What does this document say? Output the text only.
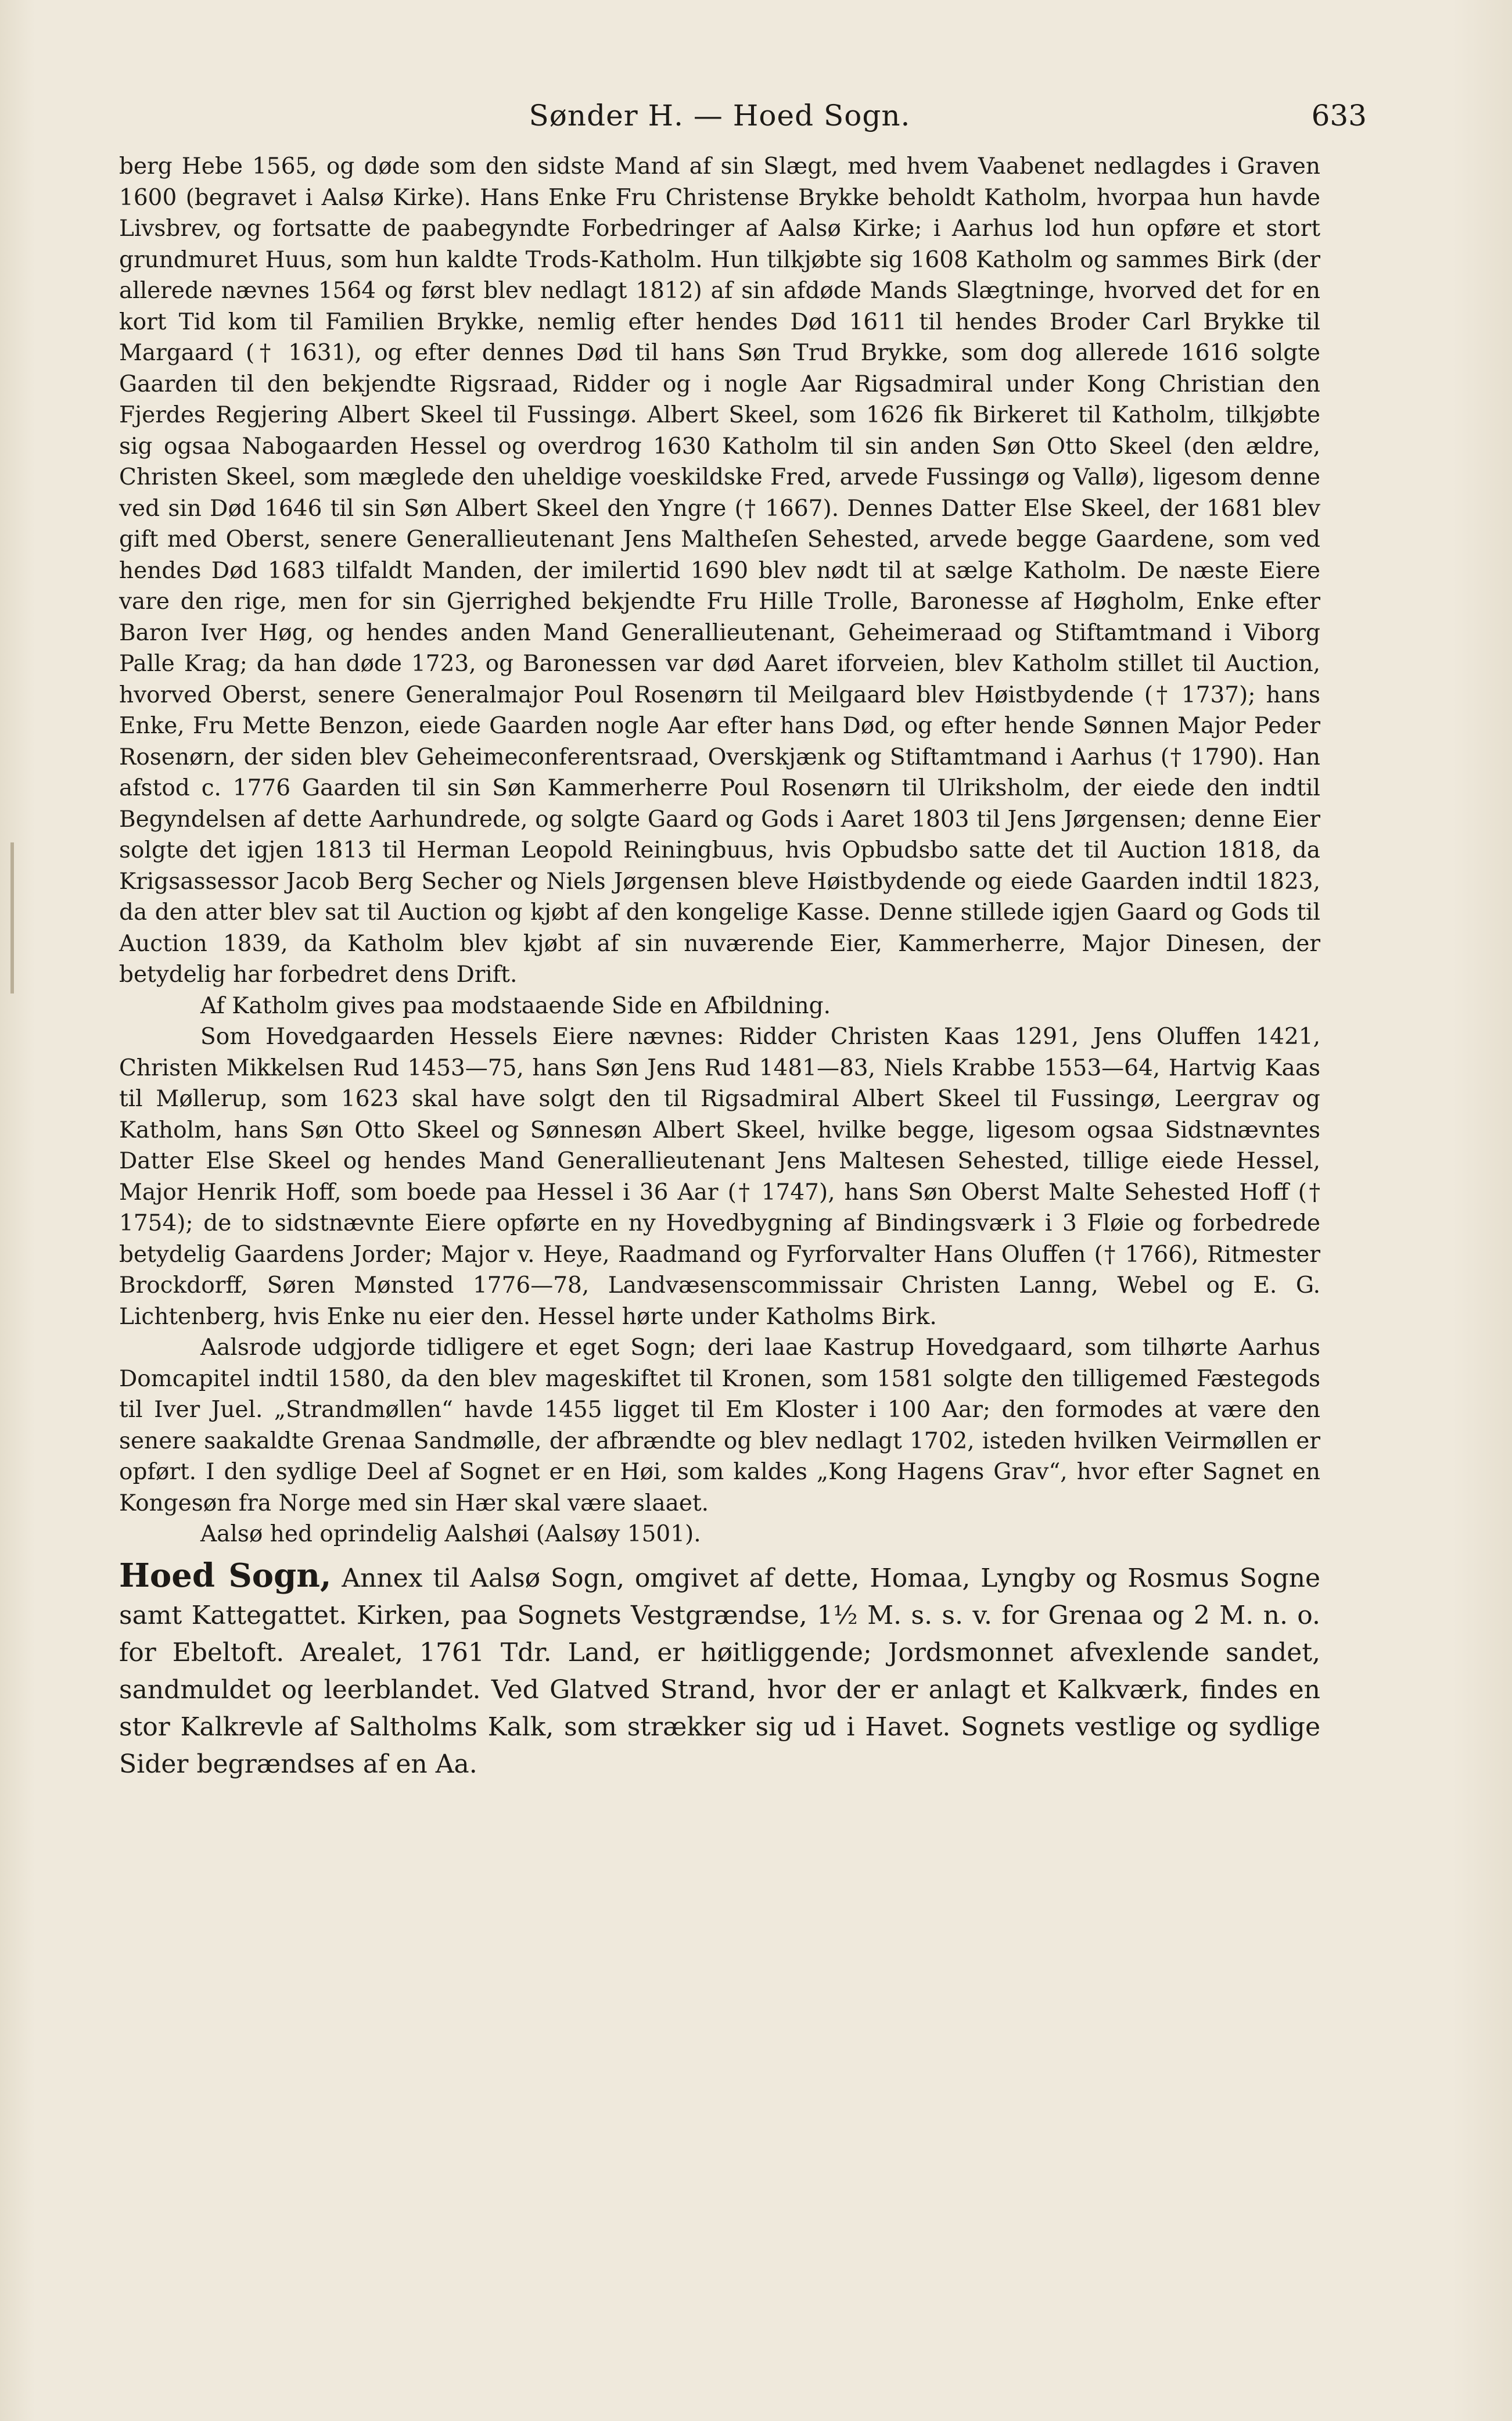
Sønder H. — Hoed Sogn.	633

berg Hebe 1565, og døde som den sidste Mand af sin Slægt, med hvem Vaabenet nedlagdes i Graven 1600 (begravet i Aalsø Kirke). Hans Enke Fru Christense Brykke beholdt Katholm, hvorpaa hun havde Livsbrev, og fortsatte de paabegyndte Forbedringer af Aalsø Kirke; i Aarhus lod hun opføre et stort grundmuret Huus, som hun kaldte Trods-Katholm. Hun tilkjøbte sig 1608 Katholm og sammes Birk (der allerede nævnes 1564 og først blev nedlagt 1812) af sin afdøde Mands Slægtninge, hvorved det for en kort Tid kom til Familien Brykke, nemlig efter hendes Død 1611 til hendes Broder Carl Brykke til Margaard († 1631), og efter dennes Død til hans Søn Trud Brykke, som dog allerede 1616 solgte Gaarden til den bekjendte Rigsraad, Ridder og i nogle Aar Rigsadmiral under Kong Christian den Fjerdes Regjering Albert Skeel til Fussingø. Albert Skeel, som 1626 fik Birkeret til Katholm, tilkjøbte sig ogsaa Nabogaarden Hessel og overdrog 1630 Katholm til sin anden Søn Otto Skeel (den ældre, Christen Skeel, som mæglede den uheldige voeskildske Fred, arvede Fussingø og Vallø), ligesom denne ved sin Død 1646 til sin Søn Albert Skeel den Yngre († 1667). Dennes Datter Else Skeel, der 1681 blev gift med Oberst, senere Generallieutenant Jens Maltheſen Sehested, arvede begge Gaardene, som ved hendes Død 1683 tilfaldt Manden, der imilertid 1690 blev nødt til at sælge Katholm. De næste Eiere vare den rige, men for sin Gjerrighed bekjendte Fru Hille Trolle, Baronesse af Høgholm, Enke efter Baron Iver Høg, og hendes anden Mand Generallieutenant, Geheimeraad og Stiftamtmand i Viborg Palle Krag; da han døde 1723, og Baronessen var død Aaret iforveien, blev Katholm stillet til Auction, hvorved Oberst, senere Generalmajor Poul Rosenørn til Meilgaard blev Høistbydende († 1737); hans Enke, Fru Mette Benzon, eiede Gaarden nogle Aar efter hans Død, og efter hende Sønnen Major Peder Rosenørn, der siden blev Geheimeconferentsraad, Overskjænk og Stiftamtmand i Aarhus († 1790). Han afstod c. 1776 Gaarden til sin Søn Kammerherre Poul Rosenørn til Ulriksholm, der eiede den indtil Begyndelsen af dette Aarhundrede, og solgte Gaard og Gods i Aaret 1803 til Jens Jørgensen; denne Eier solgte det igjen 1813 til Herman Leopold Reiningbuus, hvis Opbudsbo satte det til Auction 1818, da Krigsassessor Jacob Berg Secher og Niels Jørgensen bleve Høistbydende og eiede Gaarden indtil 1823, da den atter blev sat til Auction og kjøbt af den kongelige Kasse. Denne stillede igjen Gaard og Gods til Auction 1839, da Katholm blev kjøbt af sin nuværende Eier, Kammerherre, Major Dinesen, der betydelig har forbedret dens Drift.

Af Katholm gives paa modstaaende Side en Afbildning.

Som Hovedgaarden Hessels Eiere nævnes: Ridder Christen Kaas 1291, Jens Oluffen 1421, Christen Mikkelsen Rud 1453—75, hans Søn Jens Rud 1481—83, Niels Krabbe 1553—64, Hartvig Kaas til Møllerup, som 1623 skal have solgt den til Rigsadmiral Albert Skeel til Fussingø, Leergrav og Katholm, hans Søn Otto Skeel og Sønnesøn Albert Skeel, hvilke begge, ligesom ogsaa Sidstnævntes Datter Else Skeel og hendes Mand Generallieutenant Jens Maltesen Sehested, tillige eiede Hessel, Major Henrik Hoff, som boede paa Hessel i 36 Aar († 1747), hans Søn Oberst Malte Sehested Hoff († 1754); de to sidstnævnte Eiere opførte en ny Hovedbygning af Bindingsværk i 3 Fløie og forbedrede betydelig Gaardens Jorder; Major v. Heye, Raadmand og Fyrforvalter Hans Oluffen († 1766), Ritmester Brockdorff, Søren Mønsted 1776—78, Landvæsenscommissair Christen Lanng, Webel og E. G. Lichtenberg, hvis Enke nu eier den. Hessel hørte under Katholms Birk.

Aalsrode udgjorde tidligere et eget Sogn; deri laae Kastrup Hovedgaard, som tilhørte Aarhus Domcapitel indtil 1580, da den blev mageskiftet til Kronen, som 1581 solgte den tilligemed Fæstegods til Iver Juel. „Strandmøllen“ havde 1455 ligget til Em Kloster i 100 Aar; den formodes at være den senere saakaldte Grenaa Sandmølle, der afbrændte og blev nedlagt 1702, isteden hvilken Veirmøllen er opført. I den sydlige Deel af Sognet er en Høi, som kaldes „Kong Hagens Grav“, hvor efter Sagnet en Kongesøn fra Norge med sin Hær skal være slaaet.

Aalsø hed oprindelig Aalshøi (Aalsøy 1501).

Hoed Sogn, Annex til Aalsø Sogn, omgivet af dette, Homaa, Lyngby og Rosmus Sogne samt Kattegattet. Kirken, paa Sognets Vestgrændse, 1½ M. s. s. v. for Grenaa og 2 M. n. o. for Ebeltoft. Arealet, 1761 Tdr. Land, er høitliggende; Jordsmonnet afvexlende sandet, sandmuldet og leerblandet. Ved Glatved Strand, hvor der er anlagt et Kalkværk, findes en stor Kalkrevle af Saltholms Kalk, som strækker sig ud i Havet. Sognets vestlige og sydlige Sider begrændses af en Aa.
